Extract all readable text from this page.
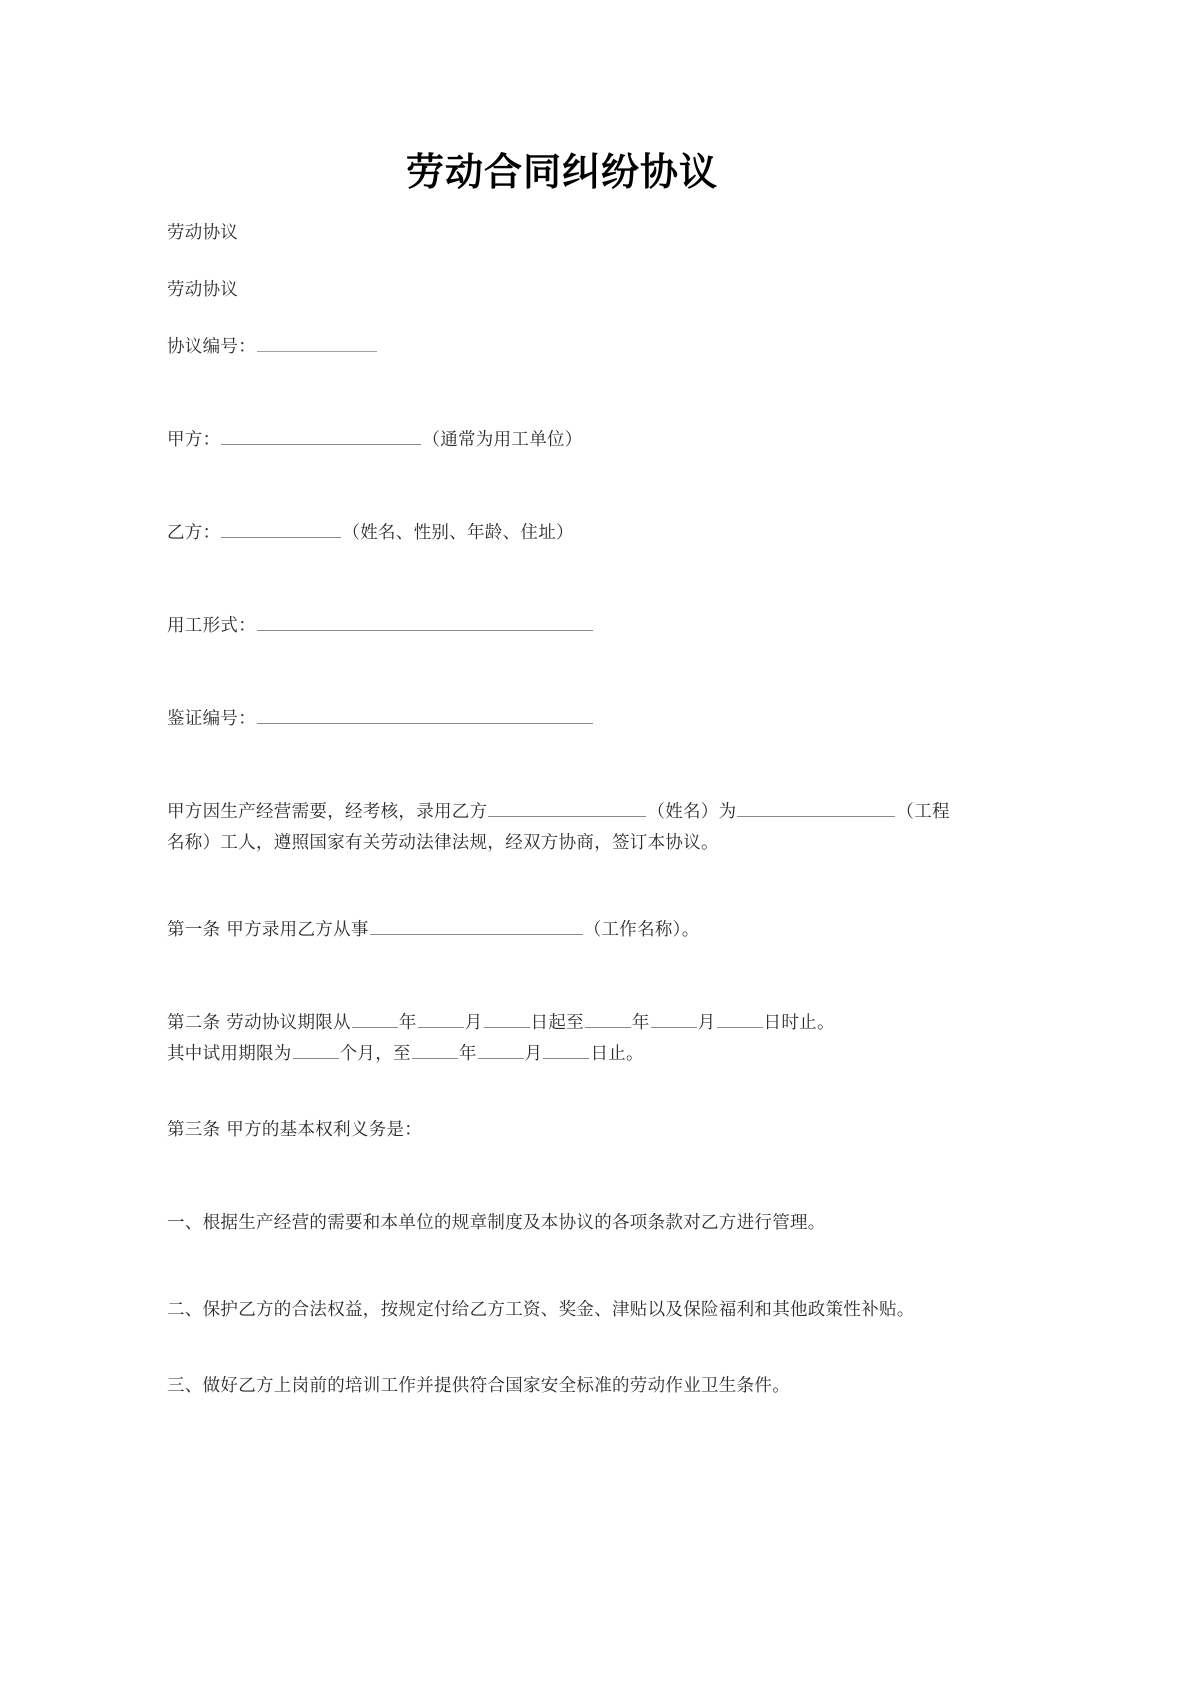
劳动合同纠纷协议

劳动协议

劳动协议

协议编号：

甲方：	（通常为用工单位）

乙方：	（姓名、性别、年龄、住址）

用工形式：

鉴证编号：

甲方因生产经营需要，经考核，录用乙方	（姓名）为	（工程名称）工人，遵照国家有关劳动法律法规，经双方协商，签订本协议。

第一条 甲方录用乙方从事	（工作名称）。

第二条 劳动协议期限从	年	月	日起至	年	月	日时止。
其中试用期限为	个月，至	年	月	日止。

第三条 甲方的基本权利义务是：

一、根据生产经营的需要和本单位的规章制度及本协议的各项条款对乙方进行管理。

二、保护乙方的合法权益，按规定付给乙方工资、奖金、津贴以及保险福利和其他政策性补贴。

三、做好乙方上岗前的培训工作并提供符合国家安全标准的劳动作业卫生条件。
